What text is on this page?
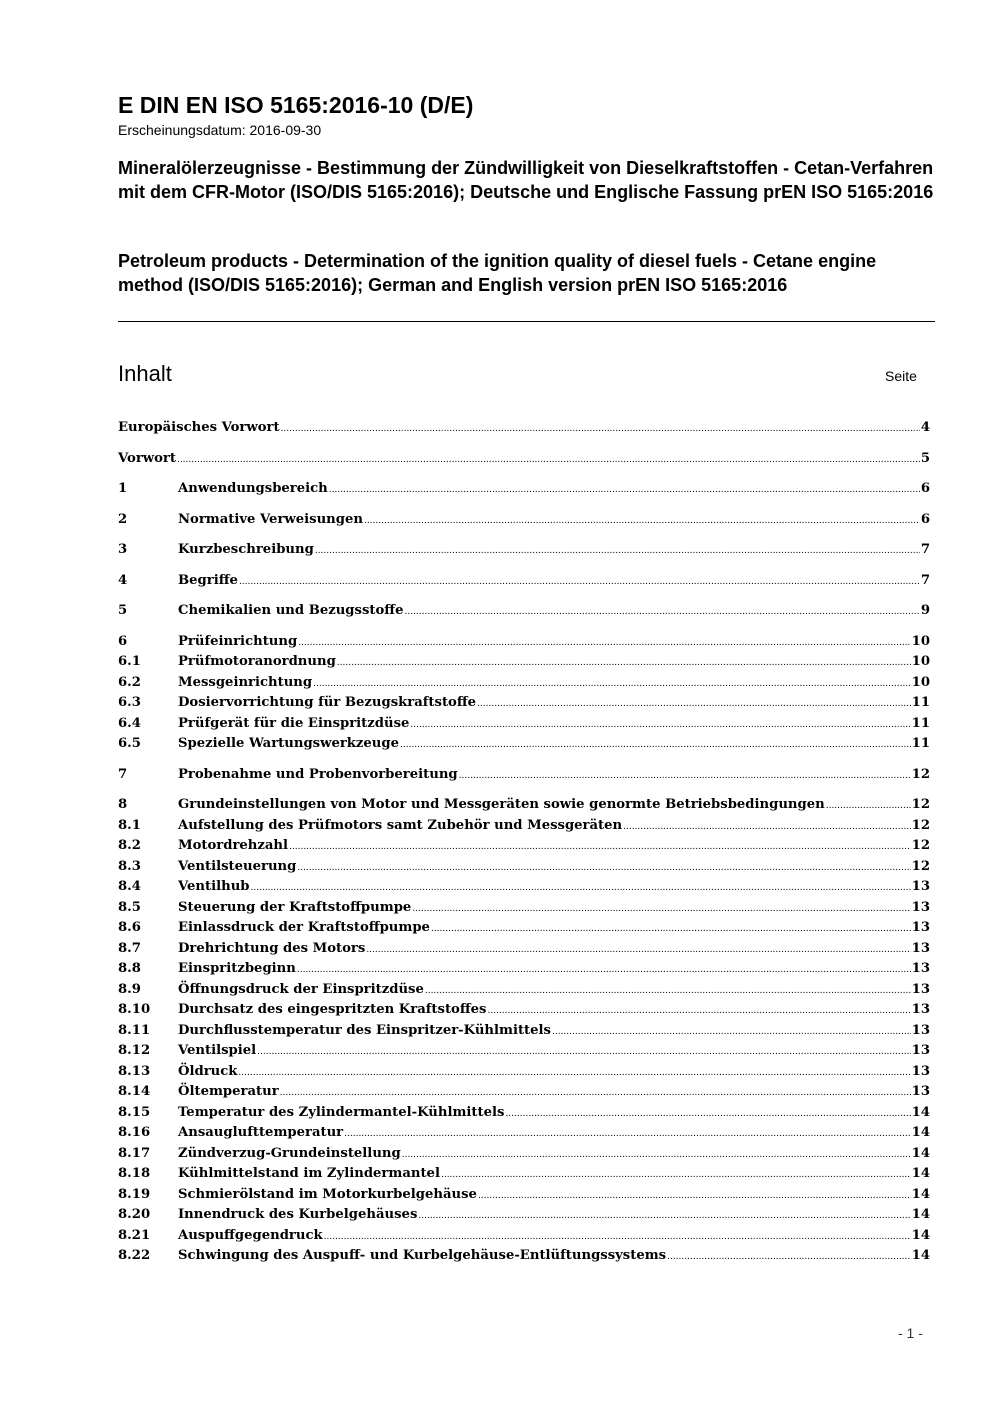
E DIN EN ISO 5165:2016-10 (D/E)
Erscheinungsdatum: 2016-09-30
Mineralölerzeugnisse - Bestimmung der Zündwilligkeit von Dieselkraftstoffen - Cetan-Verfahren mit dem CFR-Motor (ISO/DIS 5165:2016); Deutsche und Englische Fassung prEN ISO 5165:2016
Petroleum products - Determination of the ignition quality of diesel fuels - Cetane engine method (ISO/DIS 5165:2016); German and English version prEN ISO 5165:2016
Inhalt	Seite
Europäisches Vorwort .....	4
Vorwort .....	5
1	Anwendungsbereich .....	6
2	Normative Verweisungen .....	6
3	Kurzbeschreibung .....	7
4	Begriffe .....	7
5	Chemikalien und Bezugsstoffe .....	9
6	Prüfeinrichtung .....	10
6.1	Prüfmotoranordnung .....	10
6.2	Messgeinrichtung .....	10
6.3	Dosiervorrichtung für Bezugskraftstoffe .....	11
6.4	Prüfgerät für die Einspritzdüse .....	11
6.5	Spezielle Wartungswerkzeuge .....	11
7	Probenahme und Probenvorbereitung .....	12
8	Grundeinstellungen von Motor und Messgeräten sowie genormte Betriebsbedingungen .....	12
8.1	Aufstellung des Prüfmotors samt Zubehör und Messgeräten .....	12
8.2	Motordrehzahl .....	12
8.3	Ventilsteuerung .....	12
8.4	Ventilhub .....	13
8.5	Steuerung der Kraftstoffpumpe .....	13
8.6	Einlassdruck der Kraftstoffpumpe .....	13
8.7	Drehrichtung des Motors .....	13
8.8	Einspritzbeginn .....	13
8.9	Öffnungsdruck der Einspritzdüse .....	13
8.10	Durchsatz des eingespritzten Kraftstoffes .....	13
8.11	Durchflusstemperatur des Einspritzer-Kühlmittels .....	13
8.12	Ventilspiel .....	13
8.13	Öldruck .....	13
8.14	Öltemperatur .....	13
8.15	Temperatur des Zylindermantel-Kühlmittels .....	14
8.16	Ansauglufttemperatur .....	14
8.17	Zündverzug-Grundeinstellung .....	14
8.18	Kühlmittelstand im Zylindermantel .....	14
8.19	Schmierölstand im Motorkurbelgehäuse .....	14
8.20	Innendruck des Kurbelgehäuses .....	14
8.21	Auspuffgegendruck .....	14
8.22	Schwingung des Auspuff- und Kurbelgehäuse-Entlüftungssystems .....	14
- 1 -
